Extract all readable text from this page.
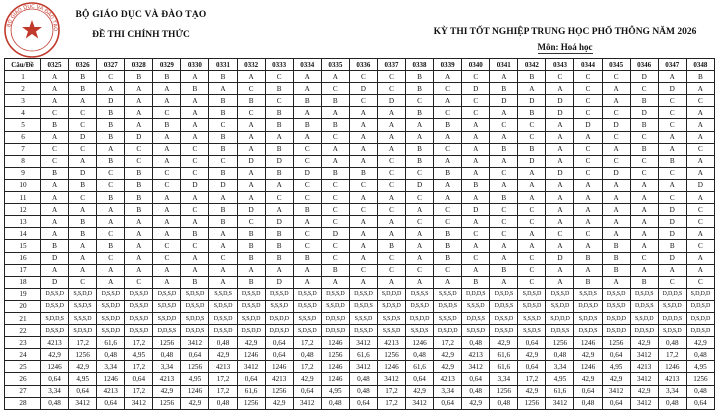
BỘ GIÁO DỤC VÀ ĐÀO TẠO
BỘ GIÁO DỤC VÀ ĐÀO TẠO
ĐỀ THI CHÍNH THỨC	KỲ THI TỐT NGHIỆP TRUNG HỌC PHỔ THÔNG NĂM 2026
Môn: Hoá học
Câu/Đề	0325	0326	0327	0328	0329	0330	0331	0332	0333	0334	0335	0336	0337	0338	0339	0340	0341	0342	0343	0344	0345	0346	0347	0348
1	A	B	C	B	B	A	B	A	C	A	A	C	C	B	A	C	A	B	C	C	C	D	A	B
2	A	B	A	A	A	B	A	C	B	A	C	D	C	B	C	D	B	A	A	C	A	C	D	A
3	A	A	D	A	A	A	B	B	C	B	B	C	D	C	A	C	D	D	D	C	A	B	C	C
4	C	C	B	A	C	A	B	C	B	A	A	A	A	B	C	C	A	B	D	C	C	D	C	A
5	B	C	B	A	B	A	C	A	B	B	B	A	A	A	B	A	C	C	A	D	D	B	C	A
6	A	D	B	D	A	A	B	A	A	A	C	A	A	A	A	A	A	C	A	A	C	C	A	A
7	C	C	A	C	A	C	B	A	B	C	A	A	A	B	C	A	B	B	A	C	A	B	A	C
8	C	A	B	C	A	C	C	D	D	C	A	A	C	B	A	A	A	D	A	C	C	C	B	A
9	B	D	C	B	C	C	B	A	B	D	B	B	C	C	B	A	C	A	D	C	D	C	C	A
10	A	B	C	B	C	D	D	A	A	C	C	C	C	D	A	B	A	A	A	A	A	A	A	D
11	A	C	B	B	A	A	A	A	C	C	C	A	A	C	A	A	B	A	A	A	A	A	C	A
12	A	A	A	B	A	C	B	D	A	B	C	C	C	A	C	D	C	C	A	A	A	A	D	C
13	A	B	A	A	A	A	B	C	D	A	C	A	A	C	C	A	C	C	A	A	A	A	D	C
14	A	B	C	A	A	B	A	B	B	C	D	A	A	A	B	C	C	A	C	C	A	A	D	A
15	B	A	B	A	C	C	A	B	B	C	C	A	B	A	B	A	A	A	A	A	B	A	B	C
16	D	A	C	A	C	A	C	B	B	B	C	A	C	A	B	C	A	C	D	B	B	C	D	A
17	A	A	A	A	A	A	A	A	A	A	B	C	C	C	C	A	B	C	A	A	B	A	A	A
18	D	C	A	C	A	B	A	B	D	A	A	A	A	A	A	B	A	C	A	B	A	B	C	C
19	D,S,S,D	S,S,D,D	D,S,S,D	D,S,S,D	D,S,S,D	S,D,S,D	S,S,D,S	D,S,S,D	D,S,S,D	D,S,S,D	D,S,S,D	D,S,S,D	S,D,D,D	D,S,S,S	S,S,S,D	D,D,D,S	D,S,D,S	S,D,S,D	D,S,S,D	S,S,D,S	D,S,S,D	D,S,D,S	D,D,D,S	S,D,D,D
20	D,S,S,D	S,S,D,S	S,S,D,D	D,S,S,D	S,D,S,D	D,S,S,D	S,D,S,D	D,S,S,D	S,S,S,D	D,S,S,D	S,S,D,D	D,S,D,S	S,D,S,D	D,S,S,D	D,S,D,S	S,S,S,D	D,D,S,S	S,D,S,D	S,S,D,D	D,D,S,D	D,S,S,D	D,D,S,S	S,S,D,D	D,D,S,D
21	S,D,D,S	S,S,S,D	S,S,D,D	D,S,S,D	S,S,D,D	S,D,D,S	D,S,S,D	S,S,D,D	D,S,D,D	S,S,S,D	D,D,S,D	S,S,S,D	S,S,D,S	D,S,D,D	S,S,S,D	D,D,S,S	D,S,S,D	S,S,S,D	S,D,D,D	S,D,D,S	D,S,D,D	S,S,D,D	D,D,D,S	D,S,D,D
22	D,S,S,D	S,D,S,D	S,S,D,D	D,S,S,D	D,D,S,S	D,S,D,S	D,S,S,D	D,S,D,D	D,D,S,D	S,D,S,D	D,D,S,D	D,S,S,D	S,S,S,D	S,S,D,S	D,S,D,D	S,D,S,D	D,S,S,D	S,S,D,S	D,D,S,S	D,S,D,S	D,S,D,D	D,D,S,D	S,D,S,D	D,D,S,D
23	4213	17,2	61,6	17,2	1256	3412	0,48	42,9	0,64	17,2	1246	3412	4213	1246	17,2	0,48	42,9	0,64	1256	1246	1256	42,9	0,48	42,9
24	42,9	1256	0,48	4,95	0,48	0,64	42,9	1246	0,64	0,48	1256	61,6	1256	0,48	42,9	4213	61,6	42,9	0,48	42,9	0,64	3412	17,2	0,48
25	1246	42,9	3,34	17,2	3,34	1256	4213	3412	1246	17,2	1246	3412	1246	61,6	42,9	3412	61,6	0,64	3,34	1246	4,95	4213	1246	4,95
26	0,64	4,95	1246	0,64	4213	4,95	17,2	0,64	4213	42,9	1246	0,48	3412	0,64	4213	0,64	3,34	17,2	4,95	42,9	42,9	3412	4213	1256
27	3,34	0,64	4213	17,2	42,9	1246	17,2	61,6	1256	0,64	4,95	0,48	17,2	42,9	3,34	0,48	1256	42,9	61,6	0,64	3412	42,9	3,34	0,48
28	0,48	3412	0,64	3412	1256	42,9	0,48	1256	42,9	3412	0,48	0,64	17,2	3412	0,64	42,9	0,48	1256	3412	0,48	0,64	3412	0,48	0,64
